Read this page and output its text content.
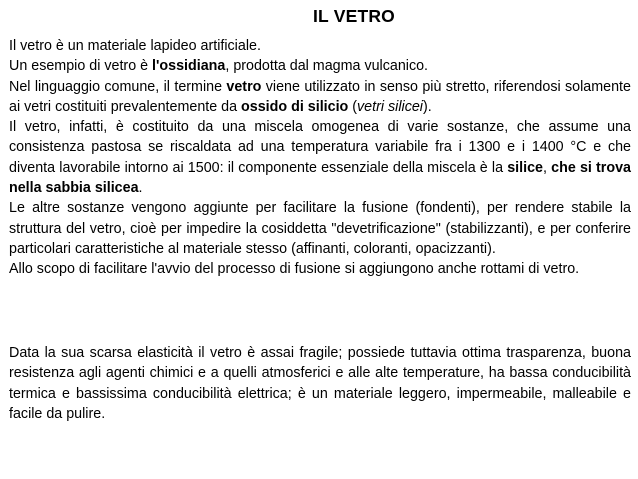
IL VETRO

Il vetro è un materiale lapideo artificiale.

Un esempio di vetro è l'ossidiana, prodotta dal magma vulcanico.

Nel linguaggio comune, il termine vetro viene utilizzato in senso più stretto, riferendosi solamente ai vetri costituiti prevalentemente da ossido di silicio (vetri silicei).

Il vetro, infatti, è costituito da una miscela omogenea di varie sostanze, che assume una consistenza pastosa se riscaldata ad una temperatura variabile fra i 1300 e i 1400 °C e che diventa lavorabile intorno ai 1500: il componente essenziale della miscela è la silice, che si trova nella sabbia silicea.

Le altre sostanze vengono aggiunte per facilitare la fusione (fondenti), per rendere stabile la struttura del vetro, cioè per impedire la cosiddetta "devetrificazione" (stabilizzanti), e per conferire particolari caratteristiche al materiale stesso (affinanti, coloranti, opacizzanti).

Allo scopo di facilitare l'avvio del processo di fusione si aggiungono anche rottami di vetro.

Data la sua scarsa elasticità il vetro è assai fragile; possiede tuttavia ottima trasparenza, buona resistenza agli agenti chimici e a quelli atmosferici e alle alte temperature, ha bassa conducibilità termica e bassissima conducibilità elettrica; è un materiale leggero, impermeabile, malleabile e facile da pulire.
